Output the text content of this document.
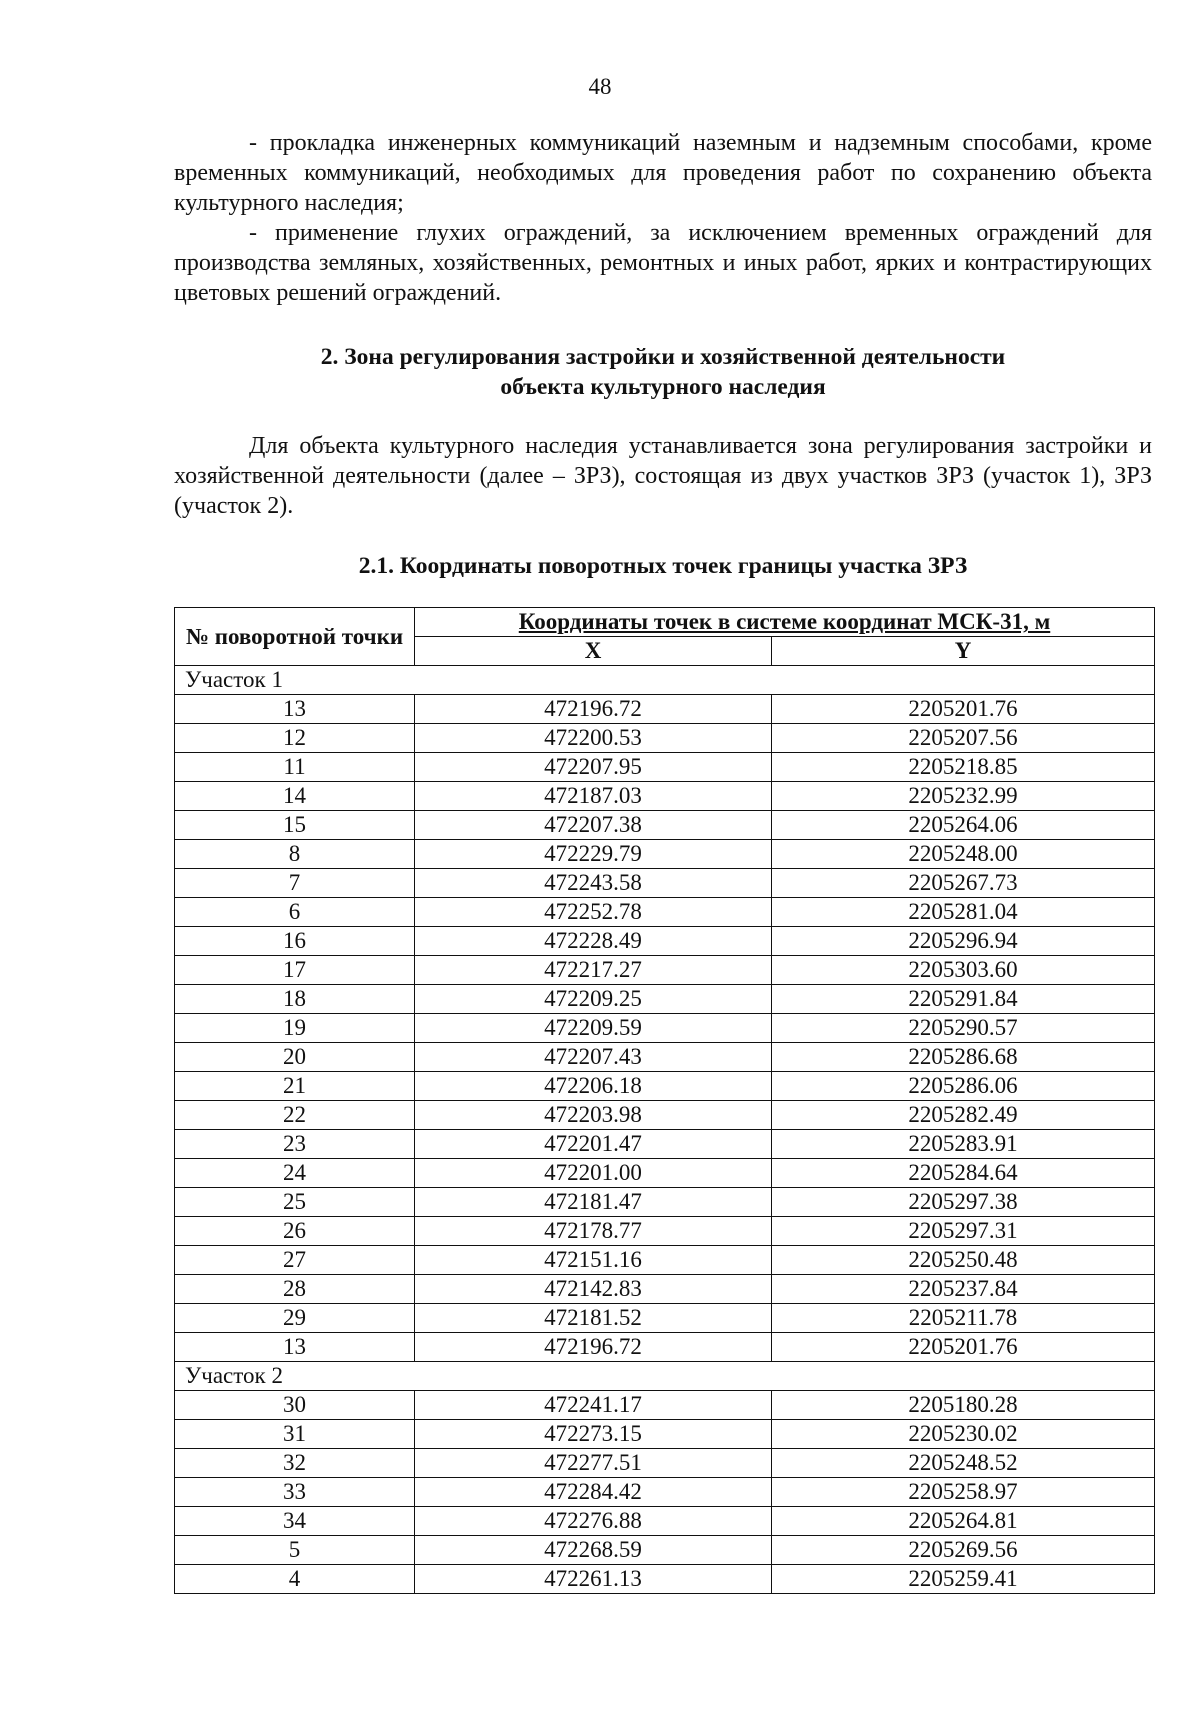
48

- прокладка инженерных коммуникаций наземным и надземным способами, кроме временных коммуникаций, необходимых для проведения работ по сохранению объекта культурного наследия;

- применение глухих ограждений, за исключением временных ограждений для производства земляных, хозяйственных, ремонтных и иных работ, ярких и контрастирующих цветовых решений ограждений.

2. Зона регулирования застройки и хозяйственной деятельности
объекта культурного наследия

Для объекта культурного наследия устанавливается зона регулирования застройки и хозяйственной деятельности (далее – ЗРЗ), состоящая из двух участков ЗРЗ (участок 1), ЗРЗ (участок 2).

2.1. Координаты поворотных точек границы участка ЗРЗ
№ поворотной точки	Координаты точек в системе координат МСК-31, м	
	X	Y
Участок 1		
13	472196.72	2205201.76
12	472200.53	2205207.56
11	472207.95	2205218.85
14	472187.03	2205232.99
15	472207.38	2205264.06
8	472229.79	2205248.00
7	472243.58	2205267.73
6	472252.78	2205281.04
16	472228.49	2205296.94
17	472217.27	2205303.60
18	472209.25	2205291.84
19	472209.59	2205290.57
20	472207.43	2205286.68
21	472206.18	2205286.06
22	472203.98	2205282.49
23	472201.47	2205283.91
24	472201.00	2205284.64
25	472181.47	2205297.38
26	472178.77	2205297.31
27	472151.16	2205250.48
28	472142.83	2205237.84
29	472181.52	2205211.78
13	472196.72	2205201.76
Участок 2		
30	472241.17	2205180.28
31	472273.15	2205230.02
32	472277.51	2205248.52
33	472284.42	2205258.97
34	472276.88	2205264.81
5	472268.59	2205269.56
4	472261.13	2205259.41
